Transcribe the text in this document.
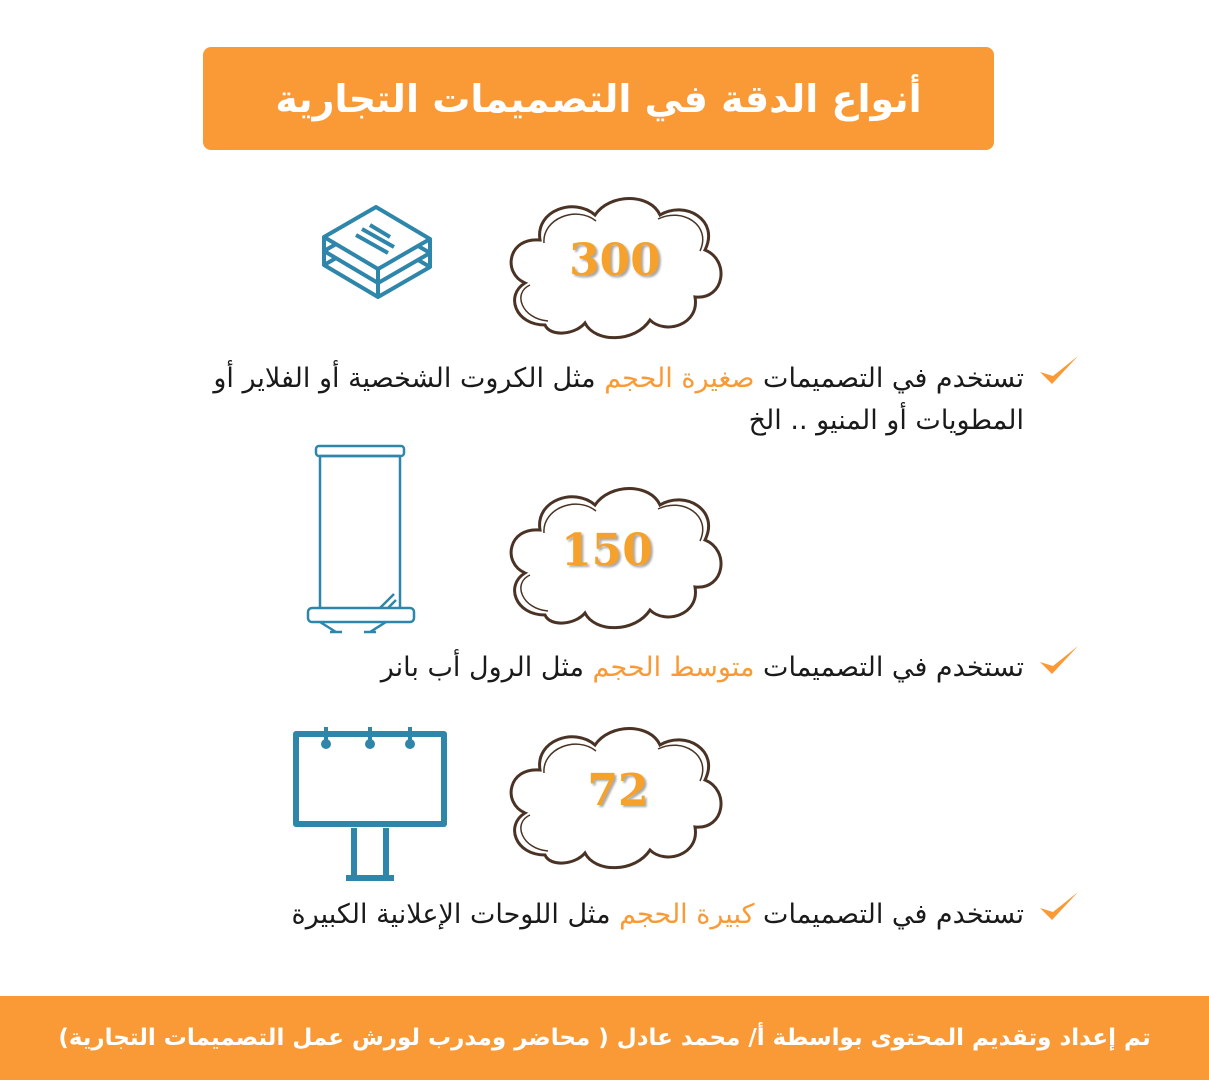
أنواع الدقة في التصميمات التجارية
300
تستخدم في التصميمات صغيرة الحجم مثل الكروت الشخصية أو الفلاير أو المطويات أو المنيو .. الخ
150
تستخدم في التصميمات متوسط الحجم مثل الرول أب بانر
72
تستخدم في التصميمات كبيرة الحجم مثل اللوحات الإعلانية الكبيرة
تم إعداد وتقديم المحتوى بواسطة أ/ محمد عادل ( محاضر ومدرب لورش عمل التصميمات التجارية)
